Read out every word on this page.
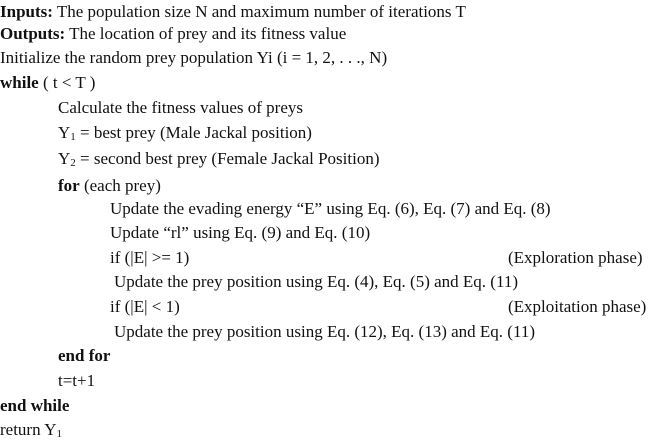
Inputs: The population size N and maximum number of iterations T
Outputs: The location of prey and its fitness value
Initialize the random prey population Yi (i = 1, 2, . . ., N)
while ( t < T )
Calculate the fitness values of preys
$Y_1$ = best prey (Male Jackal position)
$Y_2$ = second best prey (Female Jackal Position)
for (each prey)
Update the evading energy “E” using Eq. (6), Eq. (7) and Eq. (8)
Update “rl” using Eq. (9) and Eq. (10)
if (|E| >= 1)	(Exploration phase)
Update the prey position using Eq. (4), Eq. (5) and Eq. (11)
if (|E| < 1)	(Exploitation phase)
Update the prey position using Eq. (12), Eq. (13) and Eq. (11)
end for
t=t+1
end while
return $Y_1$
